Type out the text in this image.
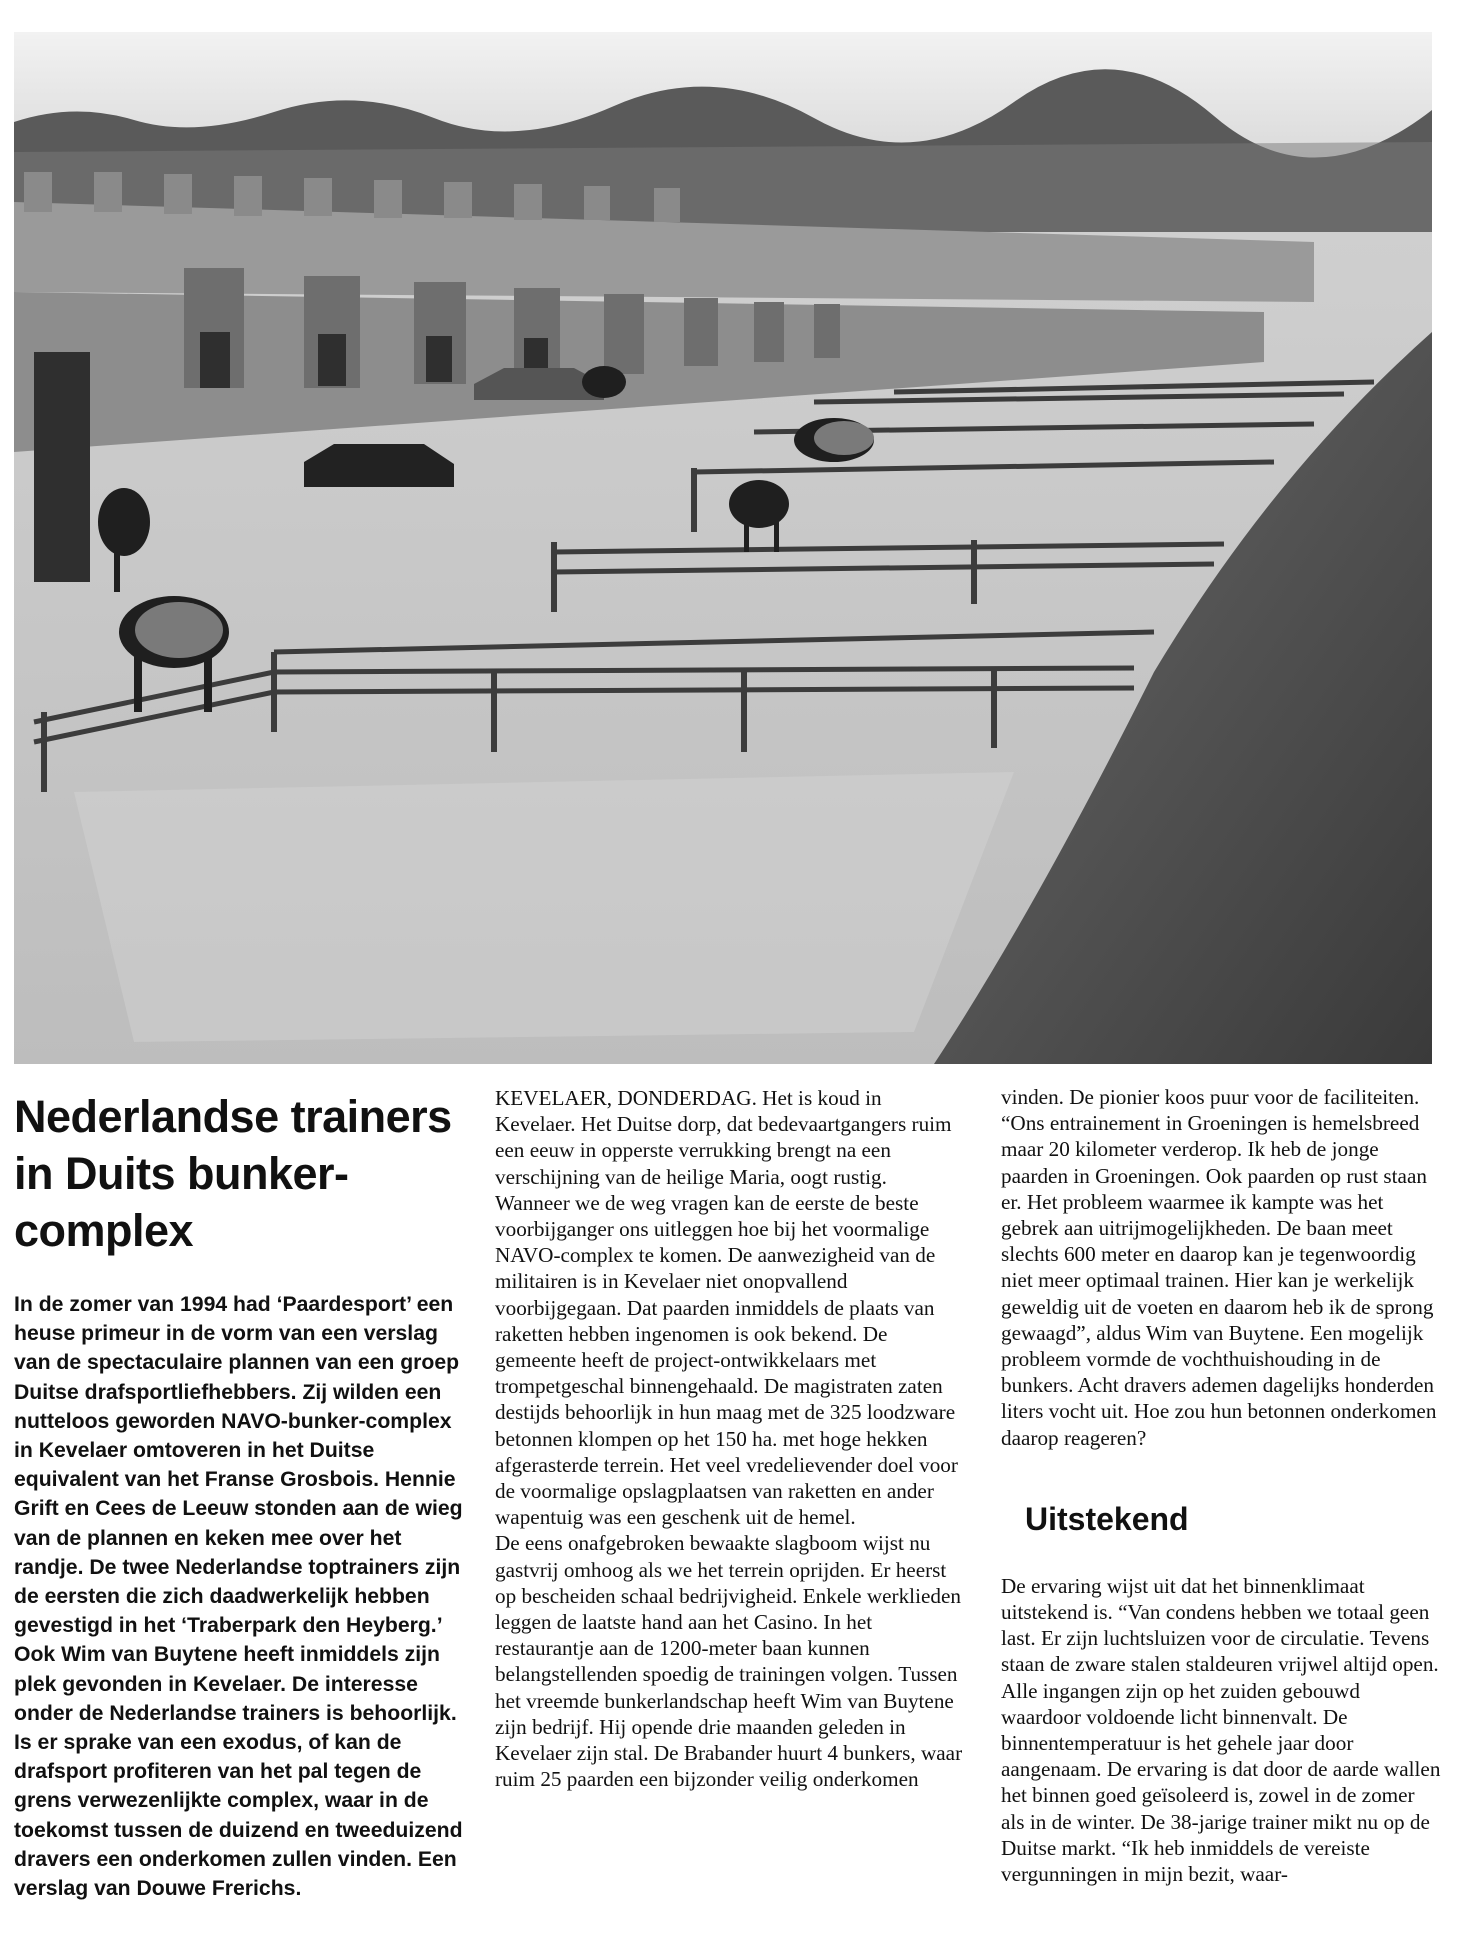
Nederlandse trainers in Duits bunker-complex

In de zomer van 1994 had ‘Paardesport’ een heuse primeur in de vorm van een verslag van de spectaculaire plannen van een groep Duitse drafsportliefhebbers. Zij wilden een nutteloos geworden NAVO-bunker-complex in Kevelaer omtoveren in het Duitse equivalent van het Franse Grosbois. Hennie Grift en Cees de Leeuw stonden aan de wieg van de plannen en keken mee over het randje. De twee Nederlandse toptrainers zijn de eersten die zich daadwerkelijk hebben gevestigd in het ‘Traberpark den Heyberg.’ Ook Wim van Buytene heeft inmiddels zijn plek gevonden in Kevelaer. De interesse onder de Nederlandse trainers is behoorlijk. Is er sprake van een exodus, of kan de drafsport profiteren van het pal tegen de grens verwezenlijkte complex, waar in de toekomst tussen de duizend en tweeduizend dravers een onderkomen zullen vinden. Een verslag van Douwe Frerichs.

KEVELAER, DONDERDAG. Het is koud in Kevelaer. Het Duitse dorp, dat bedevaartgangers ruim een eeuw in opperste verrukking brengt na een verschijning van de heilige Maria, oogt rustig. Wanneer we de weg vragen kan de eerste de beste voorbijganger ons uitleggen hoe bij het voormalige NAVO-complex te komen. De aanwezigheid van de militairen is in Kevelaer niet onopvallend voorbijgegaan. Dat paarden inmiddels de plaats van raketten hebben ingenomen is ook bekend. De gemeente heeft de project-ontwikkelaars met trompetgeschal binnengehaald. De magistraten zaten destijds behoorlijk in hun maag met de 325 loodzware betonnen klompen op het 150 ha. met hoge hekken afgerasterde terrein. Het veel vredelievender doel voor de voormalige opslagplaatsen van raketten en ander wapentuig was een geschenk uit de hemel.

De eens onafgebroken bewaakte slagboom wijst nu gastvrij omhoog als we het terrein oprijden. Er heerst op bescheiden schaal bedrijvigheid. Enkele werklieden leggen de laatste hand aan het Casino. In het restaurantje aan de 1200-meter baan kunnen belangstellenden spoedig de trainingen volgen. Tussen het vreemde bunkerlandschap heeft Wim van Buytene zijn bedrijf. Hij opende drie maanden geleden in Kevelaer zijn stal. De Brabander huurt 4 bunkers, waar ruim 25 paarden een bijzonder veilig onderkomen

vinden. De pionier koos puur voor de faciliteiten. “Ons entrainement in Groeningen is hemelsbreed maar 20 kilometer verderop. Ik heb de jonge paarden in Groeningen. Ook paarden op rust staan er. Het probleem waarmee ik kampte was het gebrek aan uitrijmogelijkheden. De baan meet slechts 600 meter en daarop kan je tegenwoordig niet meer optimaal trainen. Hier kan je werkelijk geweldig uit de voeten en daarom heb ik de sprong gewaagd”, aldus Wim van Buytene. Een mogelijk probleem vormde de vochthuishouding in de bunkers. Acht dravers ademen dagelijks honderden liters vocht uit. Hoe zou hun betonnen onderkomen daarop reageren?

Uitstekend

De ervaring wijst uit dat het binnenklimaat uitstekend is. “Van condens hebben we totaal geen last. Er zijn luchtsluizen voor de circulatie. Tevens staan de zware stalen staldeuren vrijwel altijd open. Alle ingangen zijn op het zuiden gebouwd waardoor voldoende licht binnenvalt. De binnentemperatuur is het gehele jaar door aangenaam. De ervaring is dat door de aarde wallen het binnen goed geïsoleerd is, zowel in de zomer als in de winter. De 38-jarige trainer mikt nu op de Duitse markt. “Ik heb inmiddels de vereiste vergunningen in mijn bezit, waar-
